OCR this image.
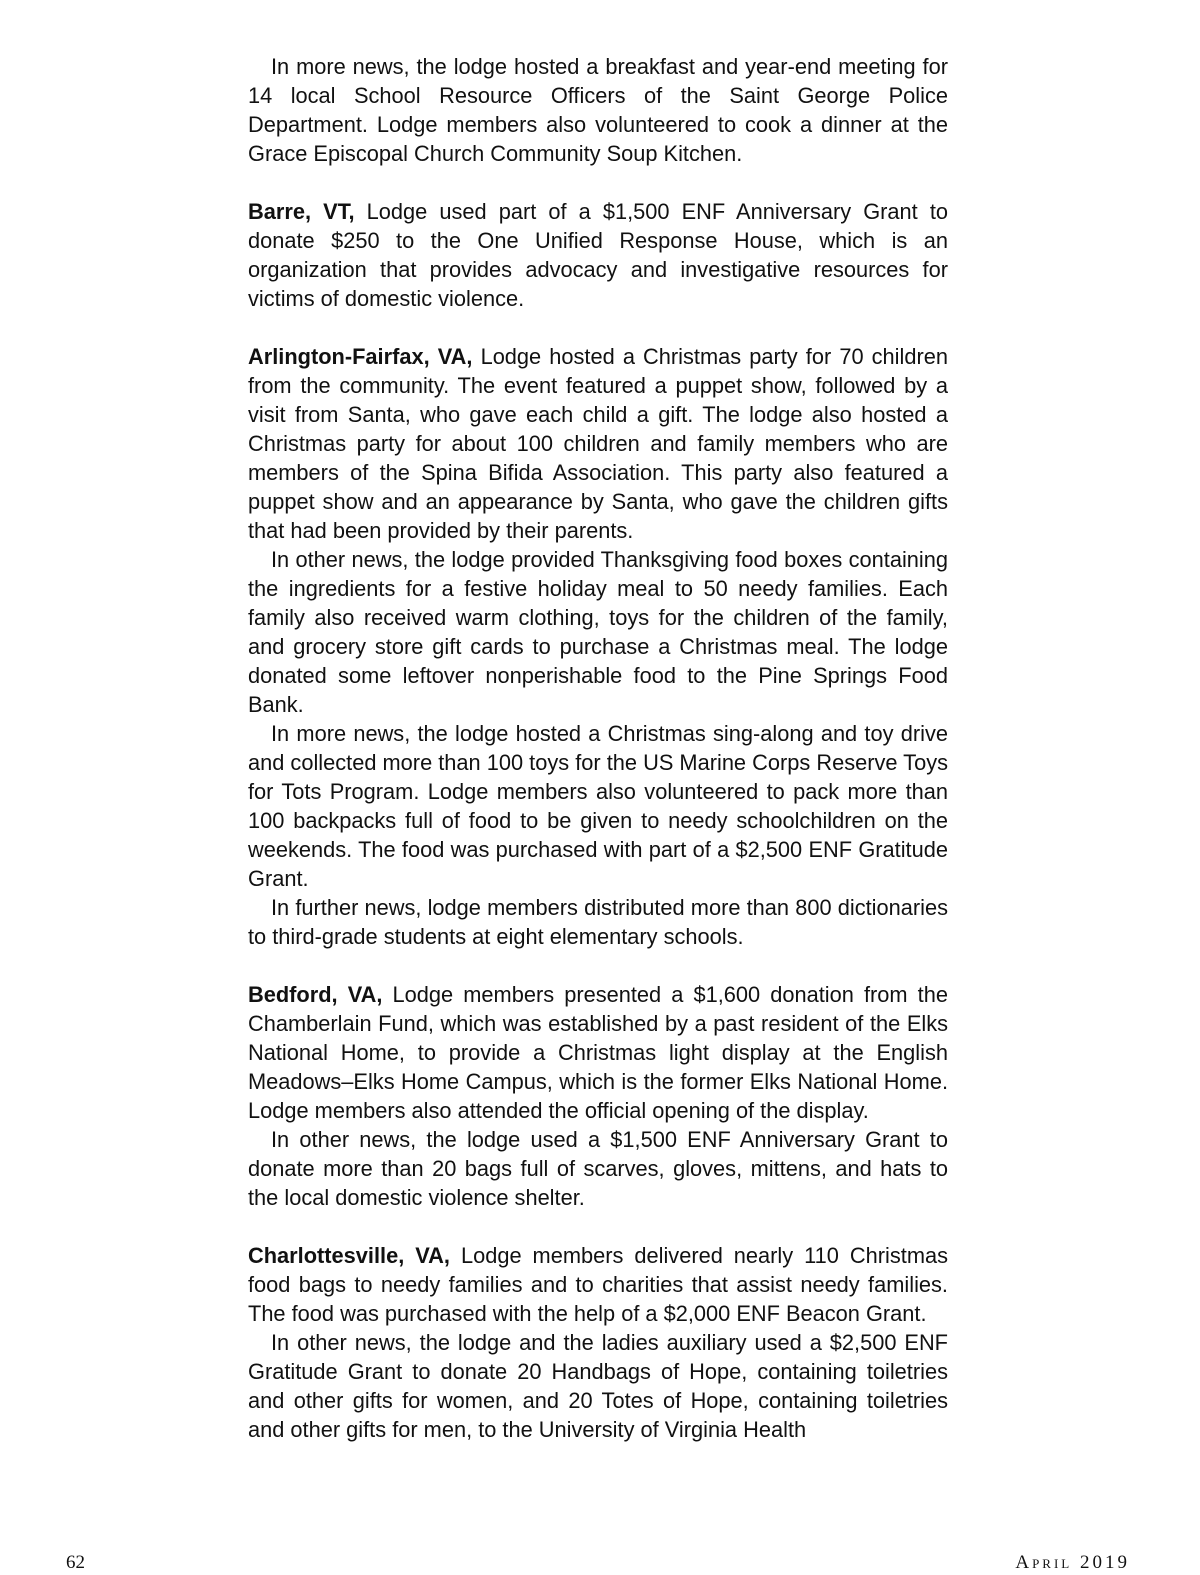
In more news, the lodge hosted a breakfast and year-end meeting for 14 local School Resource Officers of the Saint George Police Department. Lodge members also volunteered to cook a dinner at the Grace Episcopal Church Community Soup Kitchen.

Barre, VT, Lodge used part of a $1,500 ENF Anniversary Grant to donate $250 to the One Unified Response House, which is an organization that provides advocacy and investigative resources for victims of domestic violence.

Arlington-Fairfax, VA, Lodge hosted a Christmas party for 70 children from the community. The event featured a puppet show, followed by a visit from Santa, who gave each child a gift. The lodge also hosted a Christmas party for about 100 children and family members who are members of the Spina Bifida Association. This party also featured a puppet show and an appearance by Santa, who gave the children gifts that had been provided by their parents.

In other news, the lodge provided Thanksgiving food boxes containing the ingredients for a festive holiday meal to 50 needy families. Each family also received warm clothing, toys for the children of the family, and grocery store gift cards to purchase a Christmas meal. The lodge donated some leftover nonperishable food to the Pine Springs Food Bank.

In more news, the lodge hosted a Christmas sing-along and toy drive and collected more than 100 toys for the US Marine Corps Reserve Toys for Tots Program. Lodge members also volunteered to pack more than 100 backpacks full of food to be given to needy schoolchildren on the weekends. The food was purchased with part of a $2,500 ENF Gratitude Grant.

In further news, lodge members distributed more than 800 dictionaries to third-grade students at eight elementary schools.

Bedford, VA, Lodge members presented a $1,600 donation from the Chamberlain Fund, which was established by a past resident of the Elks National Home, to provide a Christmas light display at the English Meadows–Elks Home Campus, which is the former Elks National Home. Lodge members also attended the official opening of the display.

In other news, the lodge used a $1,500 ENF Anniversary Grant to donate more than 20 bags full of scarves, gloves, mittens, and hats to the local domestic violence shelter.

Charlottesville, VA, Lodge members delivered nearly 110 Christmas food bags to needy families and to charities that assist needy families. The food was purchased with the help of a $2,000 ENF Beacon Grant.

In other news, the lodge and the ladies auxiliary used a $2,500 ENF Gratitude Grant to donate 20 Handbags of Hope, containing toiletries and other gifts for women, and 20 Totes of Hope, containing toiletries and other gifts for men, to the University of Virginia Health

62	April 2019
